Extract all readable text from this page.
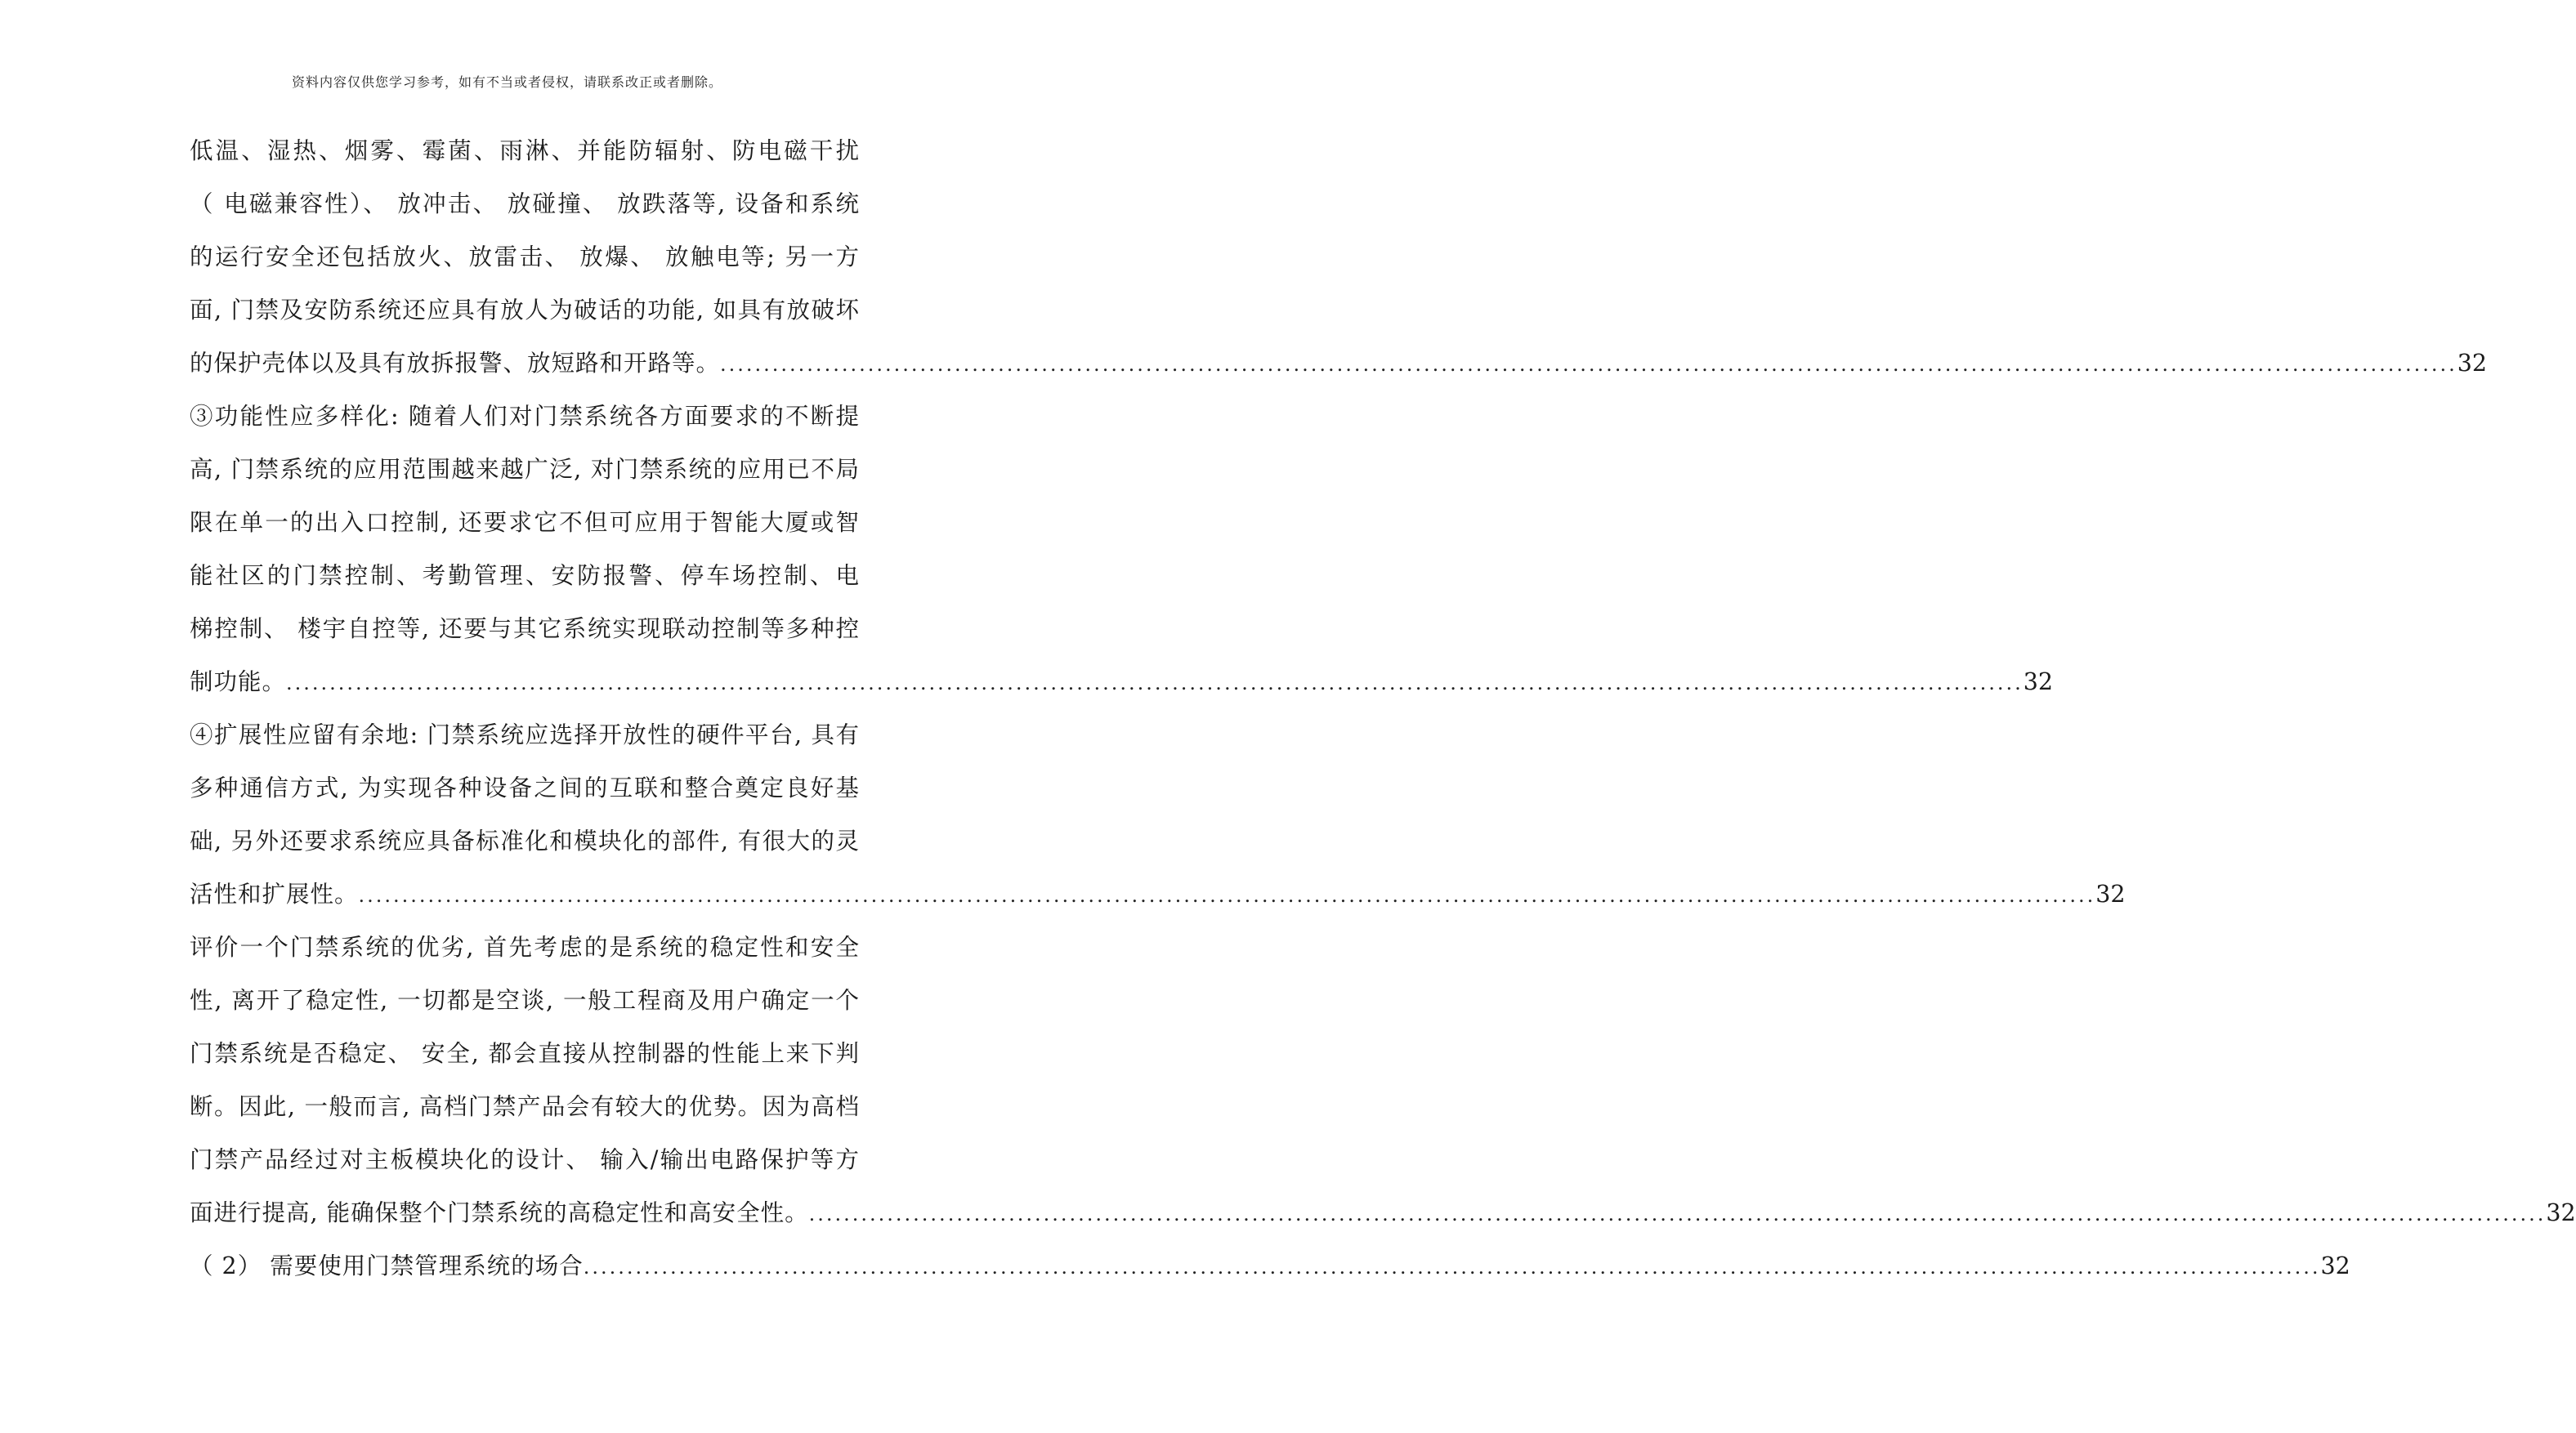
资料内容仅供您学习参考，如有不当或者侵权，请联系改正或者删除。
低温、湿热、烟雾、霉菌、雨淋、并能防辐射、防电磁干扰
（ 电磁兼容性）、 放冲击、 放碰撞、 放跌落等, 设备和系统
的运行安全还包括放火、放雷击、 放爆、 放触电等; 另一方
面, 门禁及安防系统还应具有放人为破话的功能, 如具有放破坏
的保护壳体以及具有放拆报警、放短路和开路等。 ........................................................................................................................................................................................................ 32
③功能性应多样化: 随着人们对门禁系统各方面要求的不断提
高, 门禁系统的应用范围越来越广泛, 对门禁系统的应用已不局
限在单一的出入口控制, 还要求它不但可应用于智能大厦或智
能社区的门禁控制、考勤管理、安防报警、停车场控制、电
梯控制、 楼宇自控等, 还要与其它系统实现联动控制等多种控
制功能。 ........................................................................................................................................................................................................ 32
④扩展性应留有余地: 门禁系统应选择开放性的硬件平台, 具有
多种通信方式, 为实现各种设备之间的互联和整合奠定良好基
础, 另外还要求系统应具备标准化和模块化的部件, 有很大的灵
活性和扩展性。 ........................................................................................................................................................................................................ 32
评价一个门禁系统的优劣, 首先考虑的是系统的稳定性和安全
性, 离开了稳定性, 一切都是空谈, 一般工程商及用户确定一个
门禁系统是否稳定、 安全, 都会直接从控制器的性能上来下判
断。因此, 一般而言, 高档门禁产品会有较大的优势。因为高档
门禁产品经过对主板模块化的设计、 输入/输出电路保护等方
面进行提高, 能确保整个门禁系统的高稳定性和高安全性。 ........................................................................................................................................................................................................ 32
（ 2） 需要使用门禁管理系统的场合 ........................................................................................................................................................................................................ 32
